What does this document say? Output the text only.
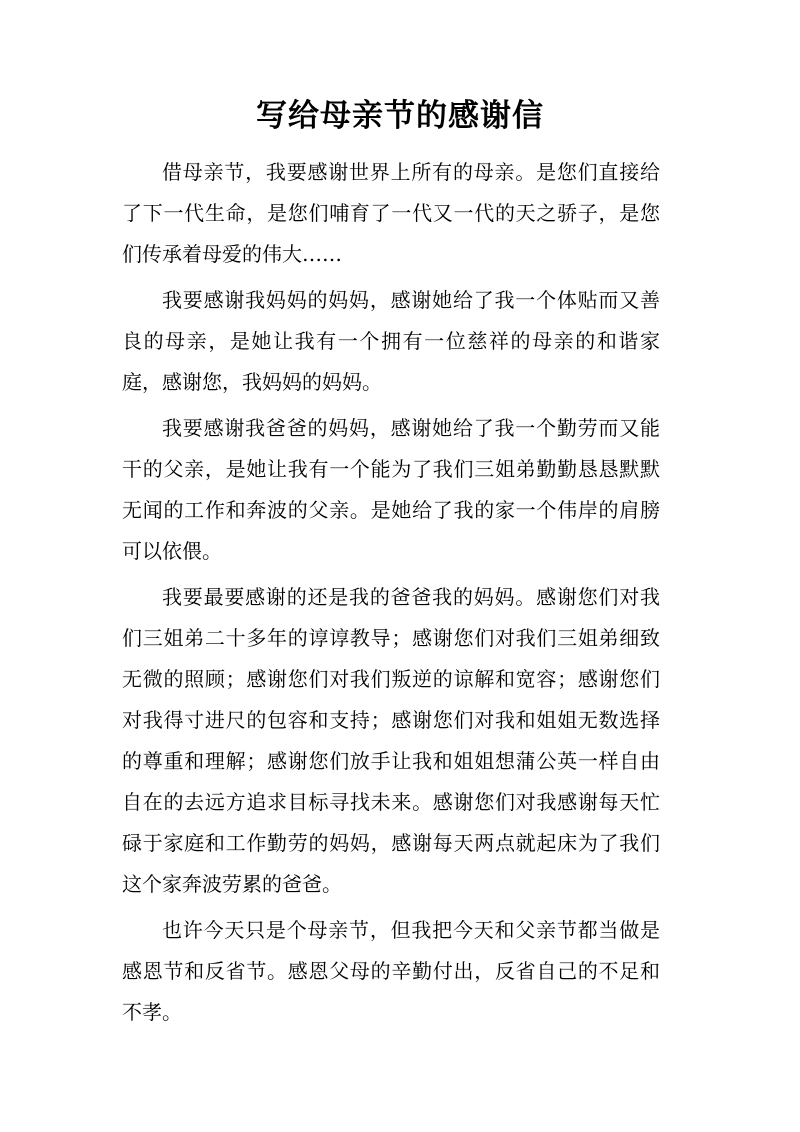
写给母亲节的感谢信

借母亲节，我要感谢世界上所有的母亲。是您们直接给了下一代生命，是您们哺育了一代又一代的天之骄子，是您们传承着母爱的伟大……

我要感谢我妈妈的妈妈，感谢她给了我一个体贴而又善良的母亲，是她让我有一个拥有一位慈祥的母亲的和谐家庭，感谢您，我妈妈的妈妈。

我要感谢我爸爸的妈妈，感谢她给了我一个勤劳而又能干的父亲，是她让我有一个能为了我们三姐弟勤勤恳恳默默无闻的工作和奔波的父亲。是她给了我的家一个伟岸的肩膀可以依偎。

我要最要感谢的还是我的爸爸我的妈妈。感谢您们对我们三姐弟二十多年的谆谆教导；感谢您们对我们三姐弟细致无微的照顾；感谢您们对我们叛逆的谅解和宽容；感谢您们对我得寸进尺的包容和支持；感谢您们对我和姐姐无数选择的尊重和理解；感谢您们放手让我和姐姐想蒲公英一样自由自在的去远方追求目标寻找未来。感谢您们对我感谢每天忙碌于家庭和工作勤劳的妈妈，感谢每天两点就起床为了我们这个家奔波劳累的爸爸。

也许今天只是个母亲节，但我把今天和父亲节都当做是感恩节和反省节。感恩父母的辛勤付出，反省自己的不足和不孝。
